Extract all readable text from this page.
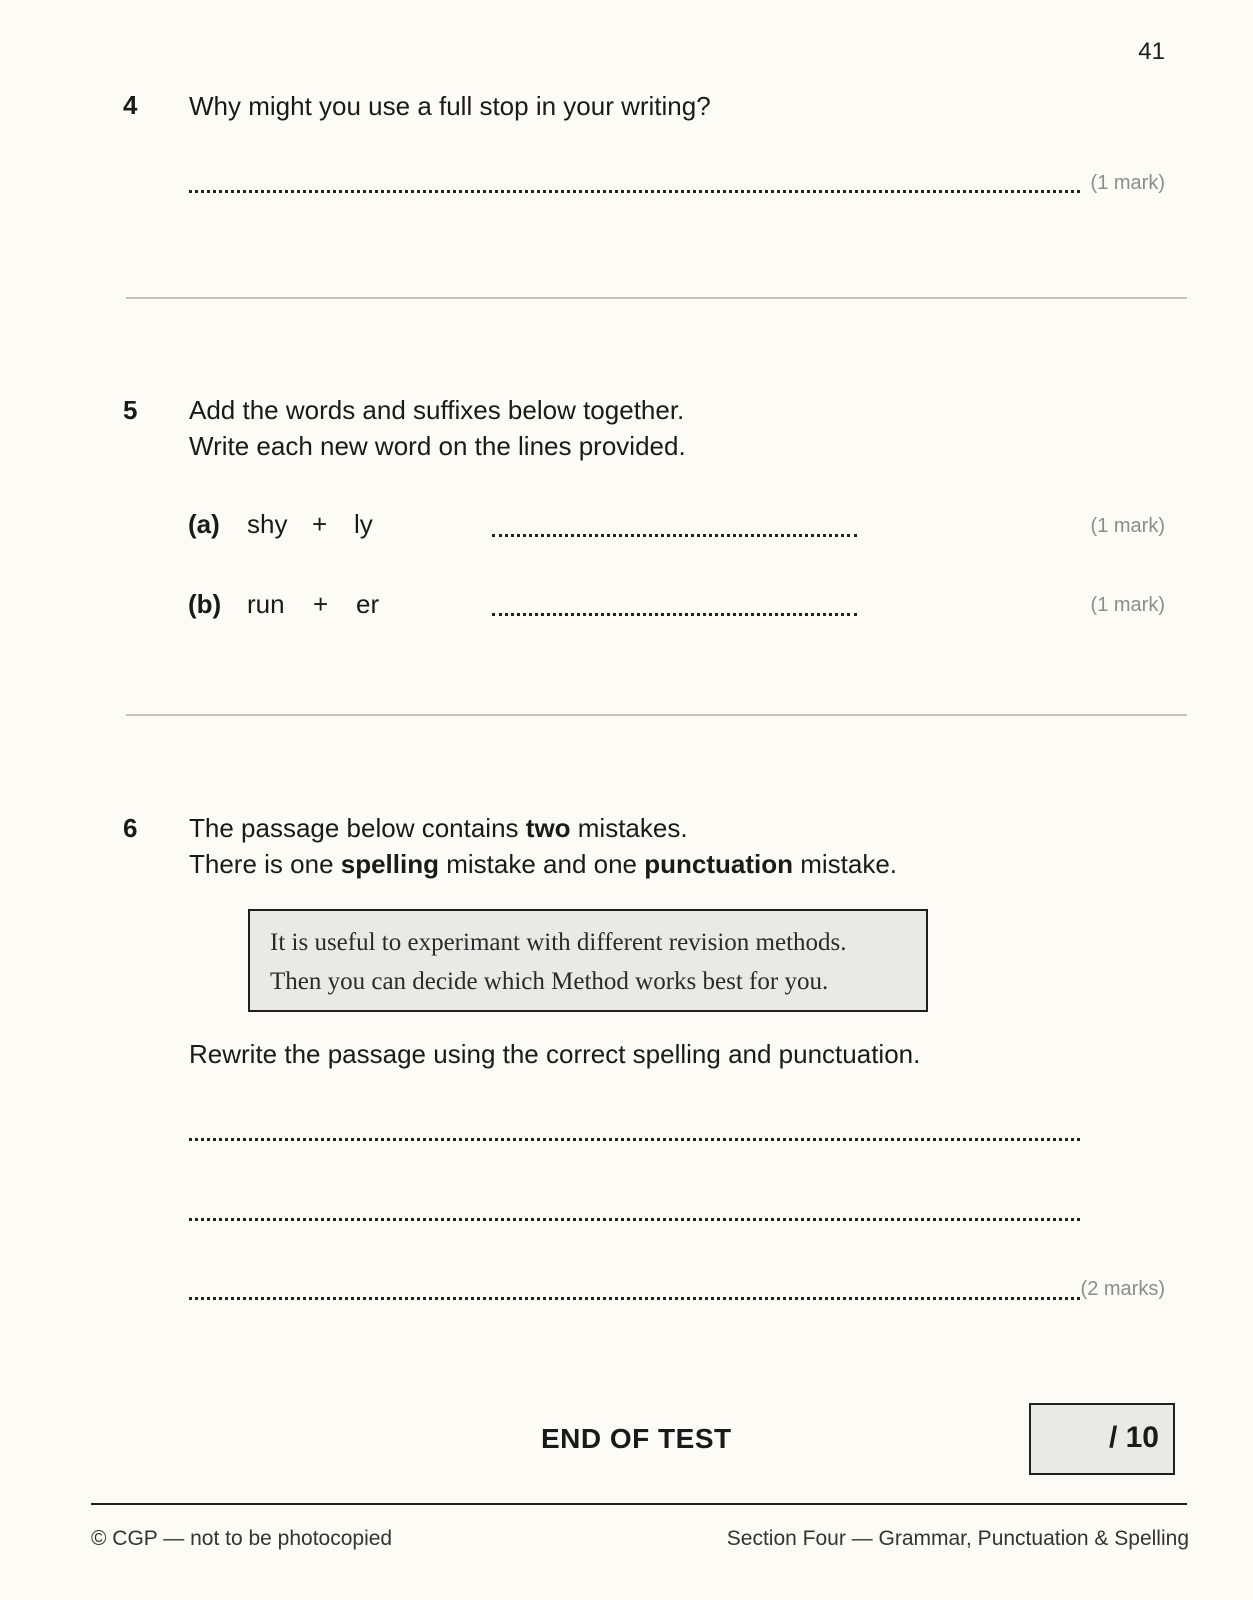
41
4 Why might you use a full stop in your writing?
(1 mark)
5 Add the words and suffixes below together.
Write each new word on the lines provided.
(a) shy + ly	(1 mark)
(b) run + er	(1 mark)
6 The passage below contains two mistakes.
There is one spelling mistake and one punctuation mistake.
It is useful to experimant with different revision methods.
Then you can decide which Method works best for you.
Rewrite the passage using the correct spelling and punctuation.
(2 marks)
END OF TEST	/ 10
© CGP — not to be photocopied	Section Four — Grammar, Punctuation & Spelling
